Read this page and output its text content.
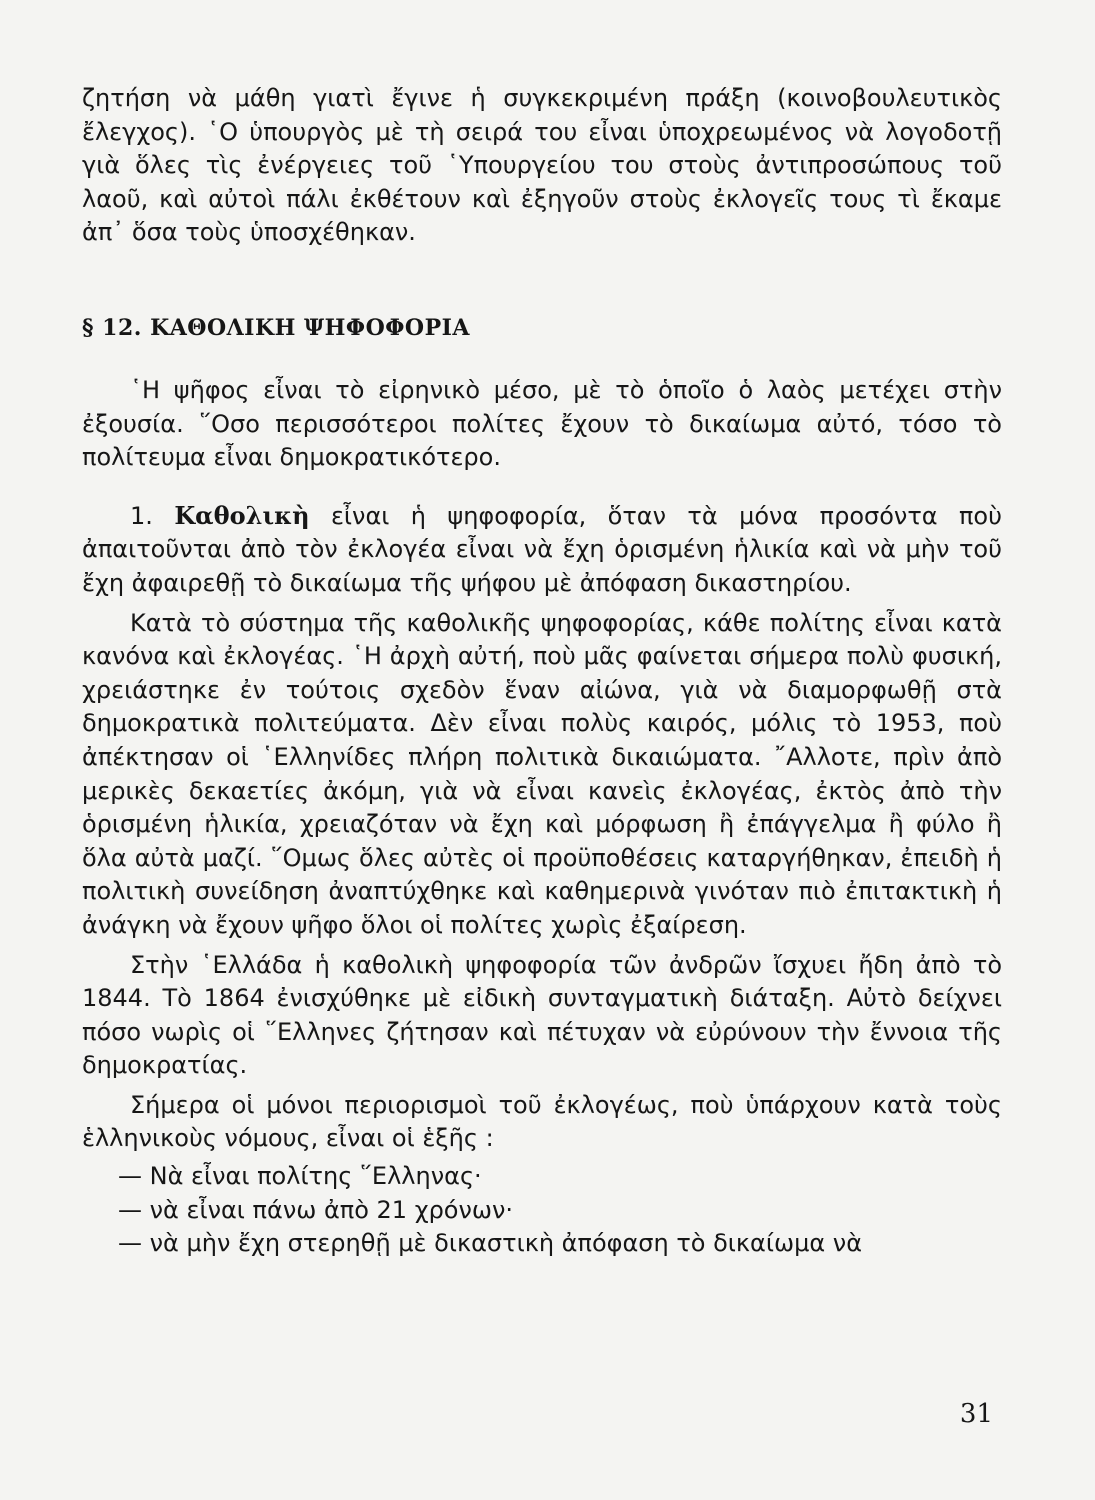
ζητήση νὰ μάθη γιατὶ ἔγινε ἡ συγκεκριμένη πράξη (κοινοβουλευτικὸς ἔλεγχος). ῾Ο ὑπουργὸς μὲ τὴ σειρά του εἶναι ὑποχρεωμένος νὰ λογοδοτῇ γιὰ ὅλες τὶς ἐνέργειες τοῦ ῾Υπουργείου του στοὺς ἀντιπροσώπους τοῦ λαοῦ, καὶ αὐτοὶ πάλι ἐκθέτουν καὶ ἐξηγοῦν στοὺς ἐκλογεῖς τους τὶ ἔκαμε ἀπ᾽ ὅσα τοὺς ὑποσχέθηκαν.

§ 12. ΚΑΘΟΛΙΚΗ ΨΗΦΟΦΟΡΙΑ

῾Η ψῆφος εἶναι τὸ εἰρηνικὸ μέσο, μὲ τὸ ὁποῖο ὁ λαὸς μετέχει στὴν ἐξουσία. ῞Οσο περισσότεροι πολίτες ἔχουν τὸ δικαίωμα αὐτό, τόσο τὸ πολίτευμα εἶναι δημοκρατικότερο.

1. Καθολικὴ εἶναι ἡ ψηφοφορία, ὅταν τὰ μόνα προσόντα ποὺ ἀπαιτοῦνται ἀπὸ τὸν ἐκλογέα εἶναι νὰ ἔχη ὁρισμένη ἡλικία καὶ νὰ μὴν τοῦ ἔχη ἀφαιρεθῇ τὸ δικαίωμα τῆς ψήφου μὲ ἀπόφαση δικαστηρίου.

Κατὰ τὸ σύστημα τῆς καθολικῆς ψηφοφορίας, κάθε πολίτης εἶναι κατὰ κανόνα καὶ ἐκλογέας. ῾Η ἀρχὴ αὐτή, ποὺ μᾶς φαίνεται σήμερα πολὺ φυσική, χρειάστηκε ἐν τούτοις σχεδὸν ἕναν αἰώνα, γιὰ νὰ διαμορφωθῇ στὰ δημοκρατικὰ πολιτεύματα. Δὲν εἶναι πολὺς καιρός, μόλις τὸ 1953, ποὺ ἀπέκτησαν οἱ ῾Ελληνίδες πλήρη πολιτικὰ δικαιώματα. ῎Αλλοτε, πρὶν ἀπὸ μερικὲς δεκαετίες ἀκόμη, γιὰ νὰ εἶναι κανεὶς ἐκλογέας, ἐκτὸς ἀπὸ τὴν ὁρισμένη ἡλικία, χρειαζόταν νὰ ἔχη καὶ μόρφωση ἢ ἐπάγγελμα ἢ φύλο ἢ ὅλα αὐτὰ μαζί. ῞Ομως ὅλες αὐτὲς οἱ προϋποθέσεις καταργήθηκαν, ἐπειδὴ ἡ πολιτικὴ συνείδηση ἀναπτύχθηκε καὶ καθημερινὰ γινόταν πιὸ ἐπιτακτικὴ ἡ ἀνάγκη νὰ ἔχουν ψῆφο ὅλοι οἱ πολίτες χωρὶς ἐξαίρεση.

Στὴν ῾Ελλάδα ἡ καθολικὴ ψηφοφορία τῶν ἀνδρῶν ἴσχυει ἤδη ἀπὸ τὸ 1844. Τὸ 1864 ἐνισχύθηκε μὲ εἰδικὴ συνταγματικὴ διάταξη. Αὐτὸ δείχνει πόσο νωρὶς οἱ ῞Ελληνες ζήτησαν καὶ πέτυχαν νὰ εὐρύνουν τὴν ἔννοια τῆς δημοκρατίας.

Σήμερα οἱ μόνοι περιορισμοὶ τοῦ ἐκλογέως, ποὺ ὑπάρχουν κατὰ τοὺς ἑλληνικοὺς νόμους, εἶναι οἱ ἑξῆς :

— Νὰ εἶναι πολίτης ῞Ελληνας·

— νὰ εἶναι πάνω ἀπὸ 21 χρόνων·

— νὰ μὴν ἔχη στερηθῇ μὲ δικαστικὴ ἀπόφαση τὸ δικαίωμα νὰ

31
